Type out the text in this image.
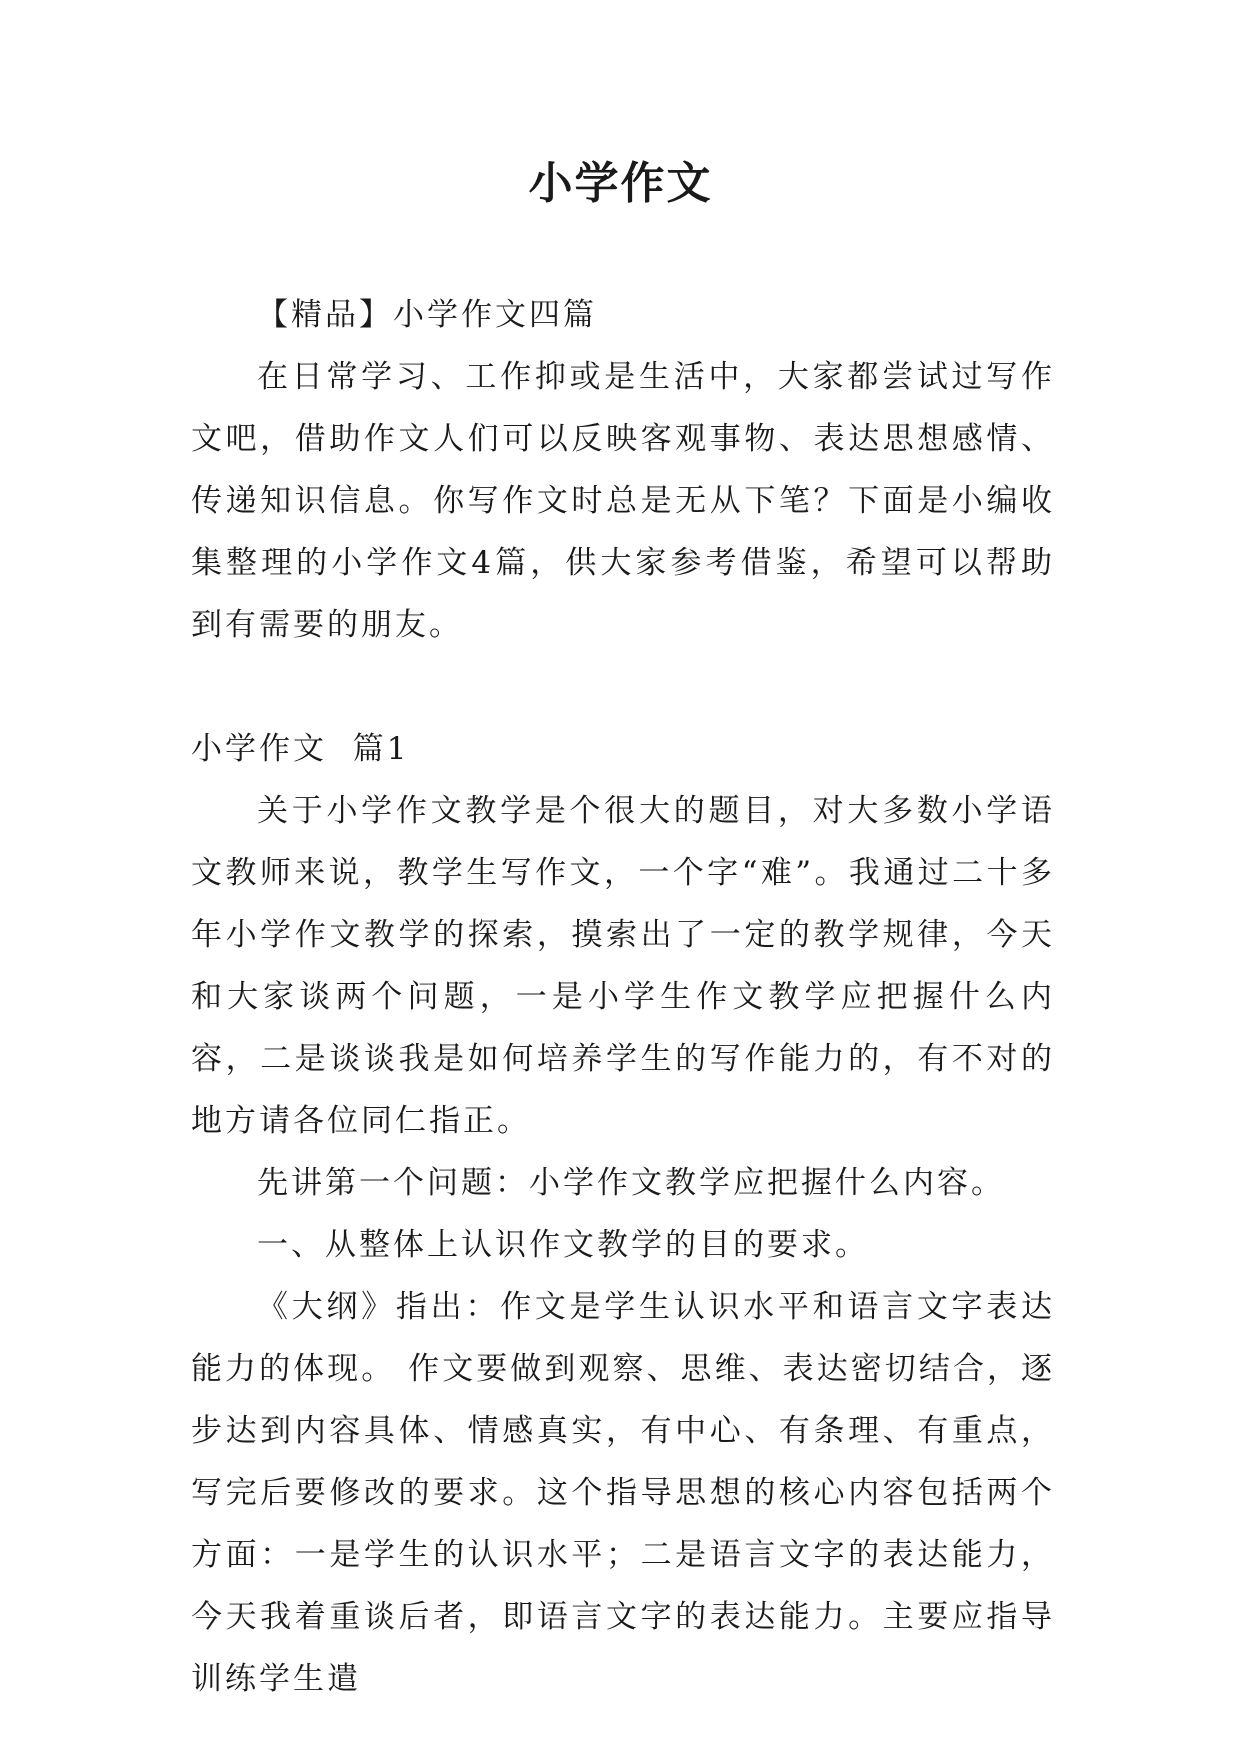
小学作文

【精品】小学作文四篇

在日常学习、工作抑或是生活中，大家都尝试过写作文吧，借助作文人们可以反映客观事物、表达思想感情、传递知识信息。你写作文时总是无从下笔？下面是小编收集整理的小学作文4篇，供大家参考借鉴，希望可以帮助到有需要的朋友。

小学作文  篇1

关于小学作文教学是个很大的题目，对大多数小学语文教师来说，教学生写作文，一个字“难”。我通过二十多年小学作文教学的探索，摸索出了一定的教学规律，今天和大家谈两个问题，一是小学生作文教学应把握什么内容，二是谈谈我是如何培养学生的写作能力的，有不对的地方请各位同仁指正。

先讲第一个问题：小学作文教学应把握什么内容。

一、从整体上认识作文教学的目的要求。

《大纲》指出：作文是学生认识水平和语言文字表达能力的体现。 作文要做到观察、思维、表达密切结合，逐步达到内容具体、情感真实，有中心、有条理、有重点，写完后要修改的要求。这个指导思想的核心内容包括两个方面：一是学生的认识水平；二是语言文字的表达能力，今天我着重谈后者，即语言文字的表达能力。主要应指导训练学生遣
